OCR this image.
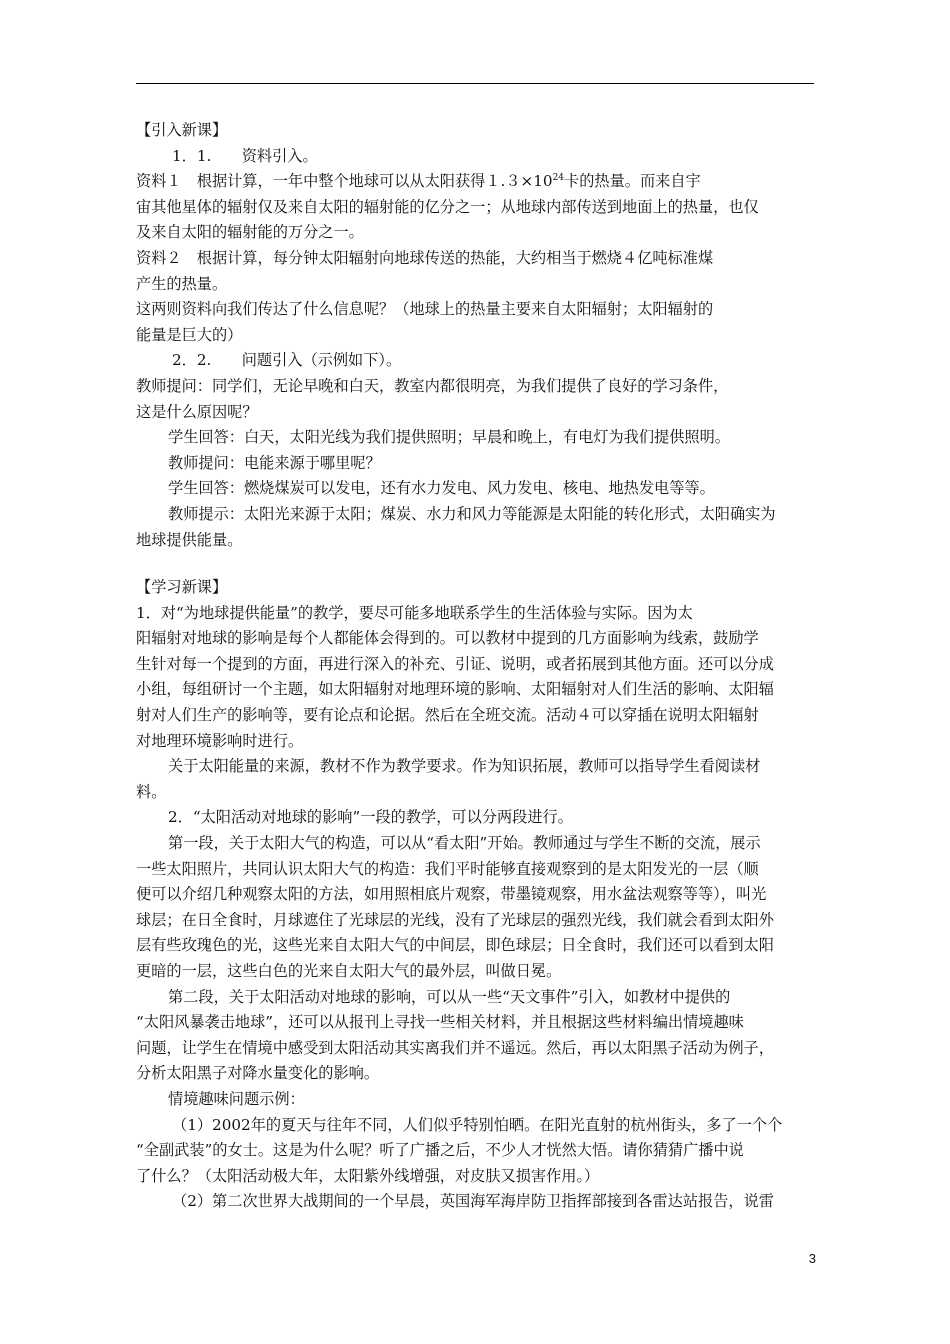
【引入新课】
1．1.　　资料引入。
资料１　根据计算，一年中整个地球可以从太阳获得$1.3\times 10^{24}$卡的热量。而来自宇
宙其他星体的辐射仅及来自太阳的辐射能的亿分之一；从地球内部传送到地面上的热量，也仅
及来自太阳的辐射能的万分之一。
资料２　根据计算，每分钟太阳辐射向地球传送的热能，大约相当于燃烧４亿吨标准煤
产生的热量。
这两则资料向我们传达了什么信息呢？（地球上的热量主要来自太阳辐射；太阳辐射的
能量是巨大的）
2．2.　　问题引入（示例如下）。
教师提问：同学们，无论早晚和白天，教室内都很明亮，为我们提供了良好的学习条件，
这是什么原因呢？
学生回答：白天，太阳光线为我们提供照明；早晨和晚上，有电灯为我们提供照明。
教师提问：电能来源于哪里呢？
学生回答：燃烧煤炭可以发电，还有水力发电、风力发电、核电、地热发电等等。
教师提示：太阳光来源于太阳；煤炭、水力和风力等能源是太阳能的转化形式，太阳确实为
地球提供能量。
【学习新课】
1．对“为地球提供能量”的教学，要尽可能多地联系学生的生活体验与实际。因为太
阳辐射对地球的影响是每个人都能体会得到的。可以教材中提到的几方面影响为线索，鼓励学
生针对每一个提到的方面，再进行深入的补充、引证、说明，或者拓展到其他方面。还可以分成
小组，每组研讨一个主题，如太阳辐射对地理环境的影响、太阳辐射对人们生活的影响、太阳辐
射对人们生产的影响等，要有论点和论据。然后在全班交流。活动４可以穿插在说明太阳辐射
对地理环境影响时进行。
关于太阳能量的来源，教材不作为教学要求。作为知识拓展，教师可以指导学生看阅读材
料。
2．“太阳活动对地球的影响”一段的教学，可以分两段进行。
第一段，关于太阳大气的构造，可以从“看太阳”开始。教师通过与学生不断的交流，展示
一些太阳照片，共同认识太阳大气的构造：我们平时能够直接观察到的是太阳发光的一层（顺
便可以介绍几种观察太阳的方法，如用照相底片观察，带墨镜观察，用水盆法观察等等），叫光
球层；在日全食时，月球遮住了光球层的光线，没有了光球层的强烈光线，我们就会看到太阳外
层有些玫瑰色的光，这些光来自太阳大气的中间层，即色球层；日全食时，我们还可以看到太阳
更暗的一层，这些白色的光来自太阳大气的最外层，叫做日冕。
第二段，关于太阳活动对地球的影响，可以从一些“天文事件”引入，如教材中提供的
“太阳风暴袭击地球”，还可以从报刊上寻找一些相关材料，并且根据这些材料编出情境趣味
问题，让学生在情境中感受到太阳活动其实离我们并不遥远。然后，再以太阳黑子活动为例子，
分析太阳黑子对降水量变化的影响。
情境趣味问题示例：
（1）2002年的夏天与往年不同，人们似乎特别怕晒。在阳光直射的杭州街头，多了一个个
“全副武装”的女士。这是为什么呢？听了广播之后，不少人才恍然大悟。请你猜猜广播中说
了什么？（太阳活动极大年，太阳紫外线增强，对皮肤又损害作用。）
（2）第二次世界大战期间的一个早晨，英国海军海岸防卫指挥部接到各雷达站报告，说雷
3
